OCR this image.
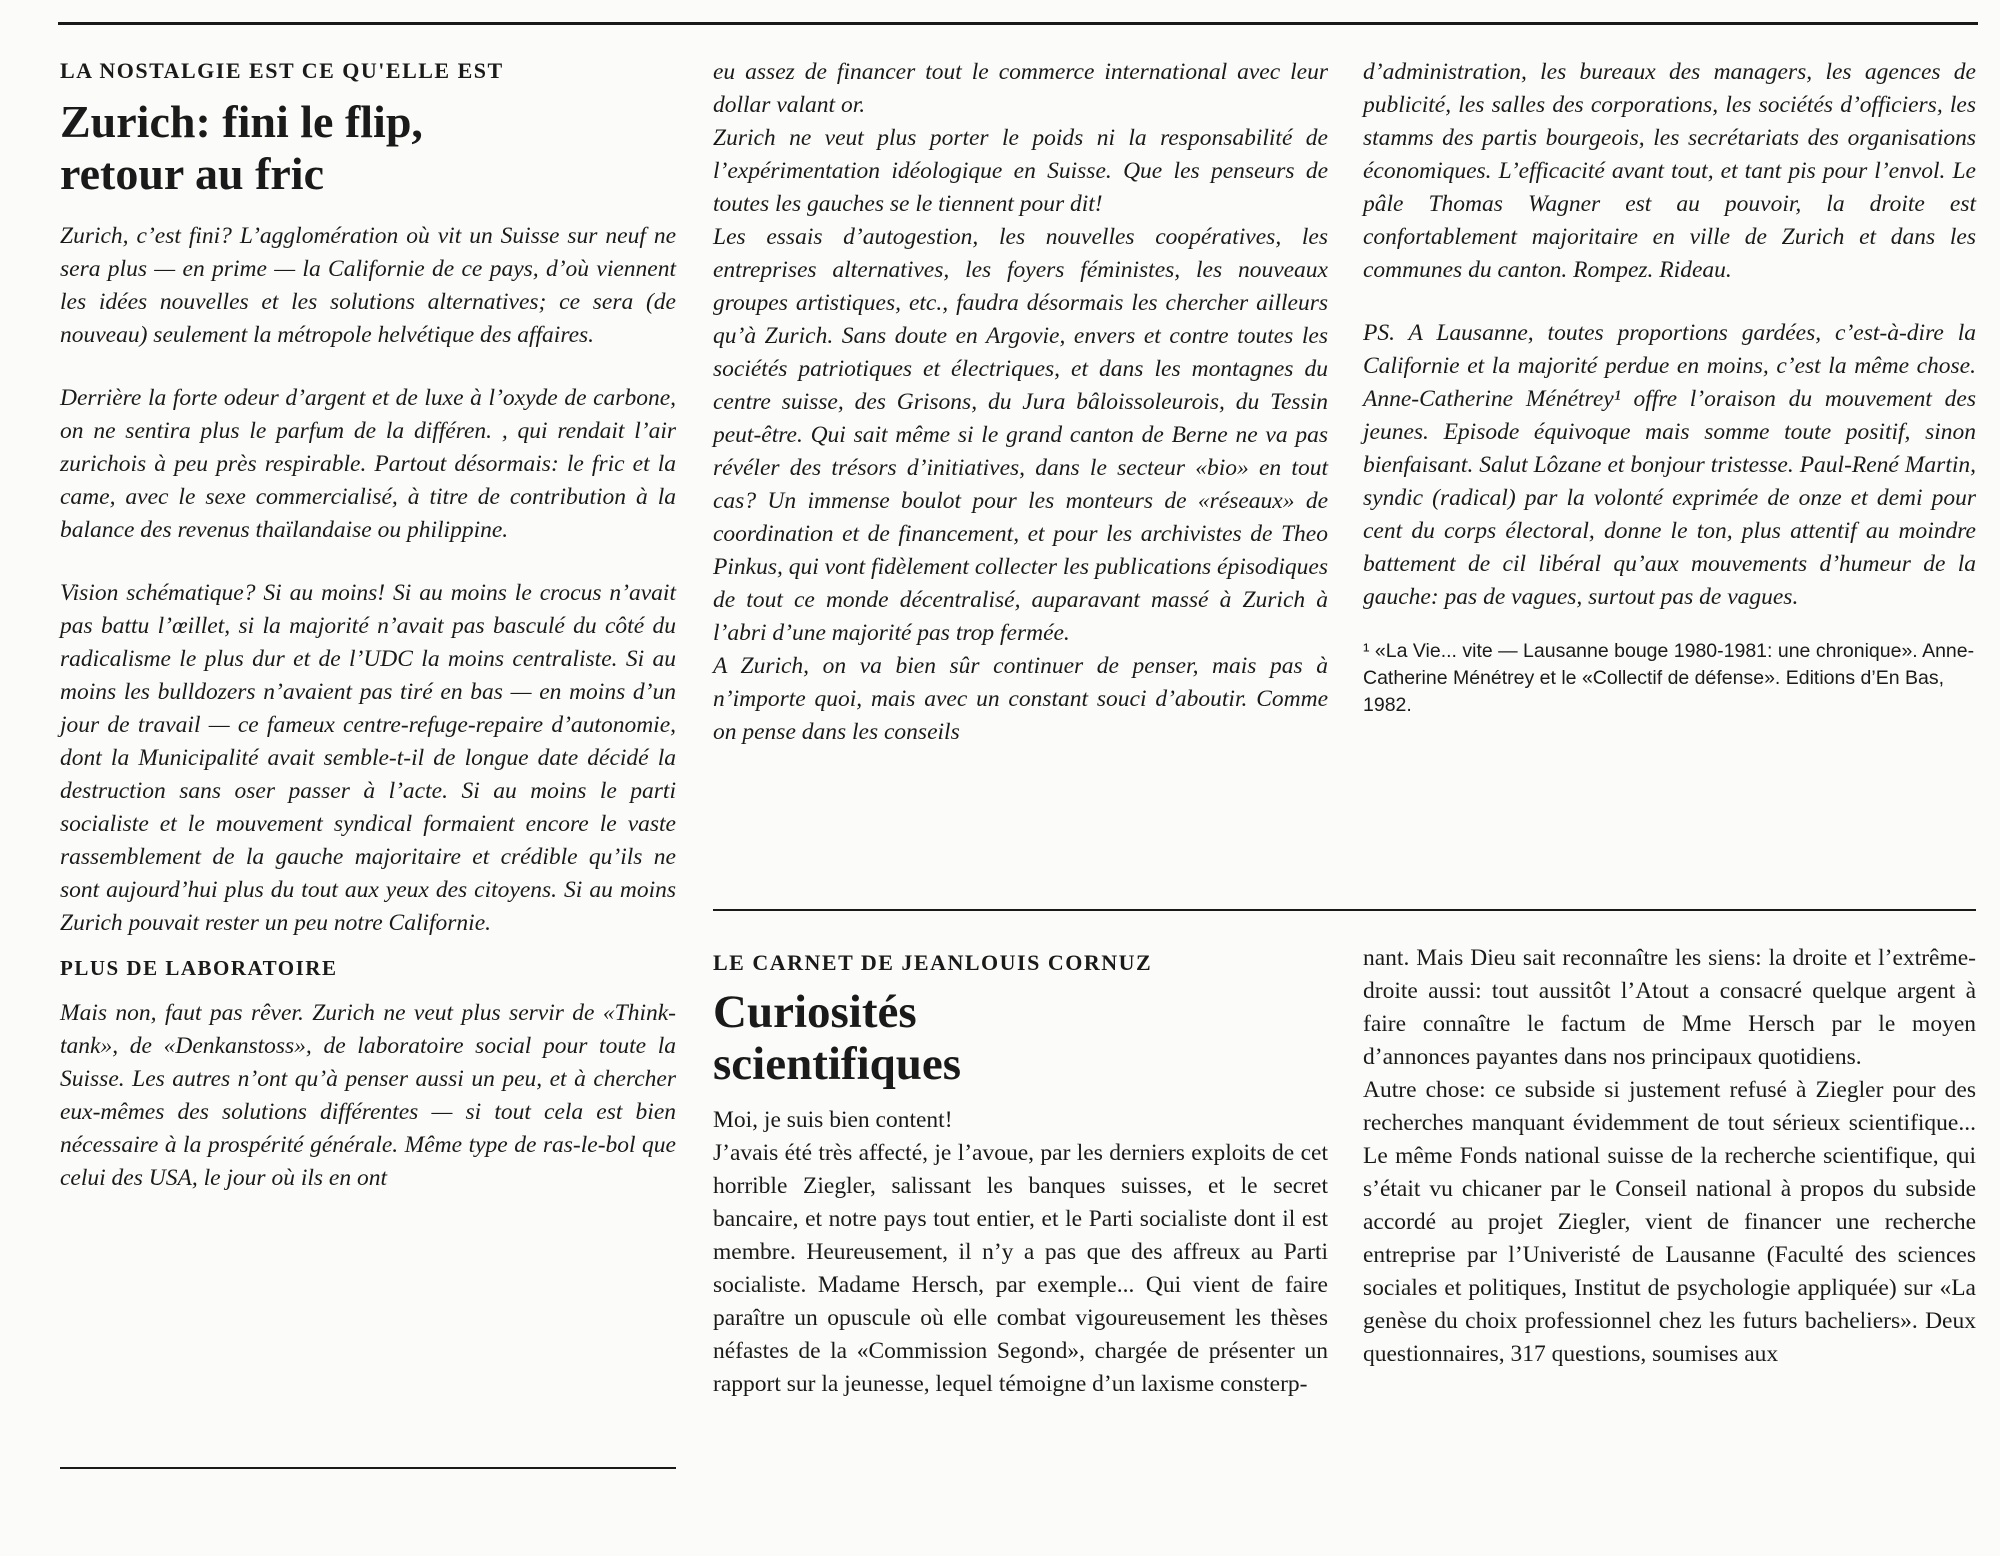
LA NOSTALGIE EST CE QU'ELLE EST
Zurich: fini le flip,
retour au fric

Zurich, c’est fini? L’agglomération où vit un Suisse sur neuf ne sera plus — en prime — la Californie de ce pays, d’où viennent les idées nouvelles et les solutions alternatives; ce sera (de nouveau) seulement la métropole helvétique des affaires.

Derrière la forte odeur d’argent et de luxe à l’oxyde de carbone, on ne sentira plus le parfum de la différen. , qui rendait l’air zurichois à peu près respirable. Partout désormais: le fric et la came, avec le sexe commercialisé, à titre de contribution à la balance des revenus thaïlandaise ou philippine.

Vision schématique? Si au moins! Si au moins le crocus n’avait pas battu l’œillet, si la majorité n’avait pas basculé du côté du radicalisme le plus dur et de l’UDC la moins centraliste. Si au moins les bulldozers n’avaient pas tiré en bas — en moins d’un jour de travail — ce fameux centre-refuge-repaire d’autonomie, dont la Municipalité avait semble-t-il de longue date décidé la destruction sans oser passer à l’acte. Si au moins le parti socialiste et le mouvement syndical formaient encore le vaste rassemblement de la gauche majoritaire et crédible qu’ils ne sont aujourd’hui plus du tout aux yeux des citoyens. Si au moins Zurich pouvait rester un peu notre Californie.

PLUS DE LABORATOIRE

Mais non, faut pas rêver. Zurich ne veut plus servir de «Think-tank», de «Denkanstoss», de laboratoire social pour toute la Suisse. Les autres n’ont qu’à penser aussi un peu, et à chercher eux-mêmes des solutions différentes — si tout cela est bien nécessaire à la prospérité générale. Même type de ras-le-bol que celui des USA, le jour où ils en ont

eu assez de financer tout le commerce international avec leur dollar valant or.

Zurich ne veut plus porter le poids ni la responsabilité de l’expérimentation idéologique en Suisse. Que les penseurs de toutes les gauches se le tiennent pour dit!

Les essais d’autogestion, les nouvelles coopératives, les entreprises alternatives, les foyers féministes, les nouveaux groupes artistiques, etc., faudra désormais les chercher ailleurs qu’à Zurich. Sans doute en Argovie, envers et contre toutes les sociétés patriotiques et électriques, et dans les montagnes du centre suisse, des Grisons, du Jura bâloissoleurois, du Tessin peut-être. Qui sait même si le grand canton de Berne ne va pas révéler des trésors d’initiatives, dans le secteur «bio» en tout cas? Un immense boulot pour les monteurs de «réseaux» de coordination et de financement, et pour les archivistes de Theo Pinkus, qui vont fidèlement collecter les publications épisodiques de tout ce monde décentralisé, auparavant massé à Zurich à l’abri d’une majorité pas trop fermée.

A Zurich, on va bien sûr continuer de penser, mais pas à n’importe quoi, mais avec un constant souci d’aboutir. Comme on pense dans les conseils

d’administration, les bureaux des managers, les agences de publicité, les salles des corporations, les sociétés d’officiers, les stamms des partis bourgeois, les secrétariats des organisations économiques. L’efficacité avant tout, et tant pis pour l’envol. Le pâle Thomas Wagner est au pouvoir, la droite est confortablement majoritaire en ville de Zurich et dans les communes du canton. Rompez. Rideau.

PS. A Lausanne, toutes proportions gardées, c’est-à-dire la Californie et la majorité perdue en moins, c’est la même chose. Anne-Catherine Ménétrey¹ offre l’oraison du mouvement des jeunes. Episode équivoque mais somme toute positif, sinon bienfaisant. Salut Lôzane et bonjour tristesse. Paul-René Martin, syndic (radical) par la volonté exprimée de onze et demi pour cent du corps électoral, donne le ton, plus attentif au moindre battement de cil libéral qu’aux mouvements d’humeur de la gauche: pas de vagues, surtout pas de vagues.

¹ «La Vie... vite — Lausanne bouge 1980-1981: une chronique». Anne-Catherine Ménétrey et le «Collectif de défense». Editions d’En Bas, 1982.
LE CARNET DE JEANLOUIS CORNUZ
Curiosités
scientifiques

Moi, je suis bien content!

J’avais été très affecté, je l’avoue, par les derniers exploits de cet horrible Ziegler, salissant les banques suisses, et le secret bancaire, et notre pays tout entier, et le Parti socialiste dont il est membre. Heureusement, il n’y a pas que des affreux au Parti socialiste. Madame Hersch, par exemple... Qui vient de faire paraître un opuscule où elle combat vigoureusement les thèses néfastes de la «Commission Segond», chargée de présenter un rapport sur la jeunesse, lequel témoigne d’un laxisme consterp-

nant. Mais Dieu sait reconnaître les siens: la droite et l’extrême-droite aussi: tout aussitôt l’Atout a consacré quelque argent à faire connaître le factum de Mme Hersch par le moyen d’annonces payantes dans nos principaux quotidiens.

Autre chose: ce subside si justement refusé à Ziegler pour des recherches manquant évidemment de tout sérieux scientifique... Le même Fonds national suisse de la recherche scientifique, qui s’était vu chicaner par le Conseil national à propos du subside accordé au projet Ziegler, vient de financer une recherche entreprise par l’Univeristé de Lausanne (Faculté des sciences sociales et politiques, Institut de psychologie appliquée) sur «La genèse du choix professionnel chez les futurs bacheliers». Deux questionnaires, 317 questions, soumises aux
